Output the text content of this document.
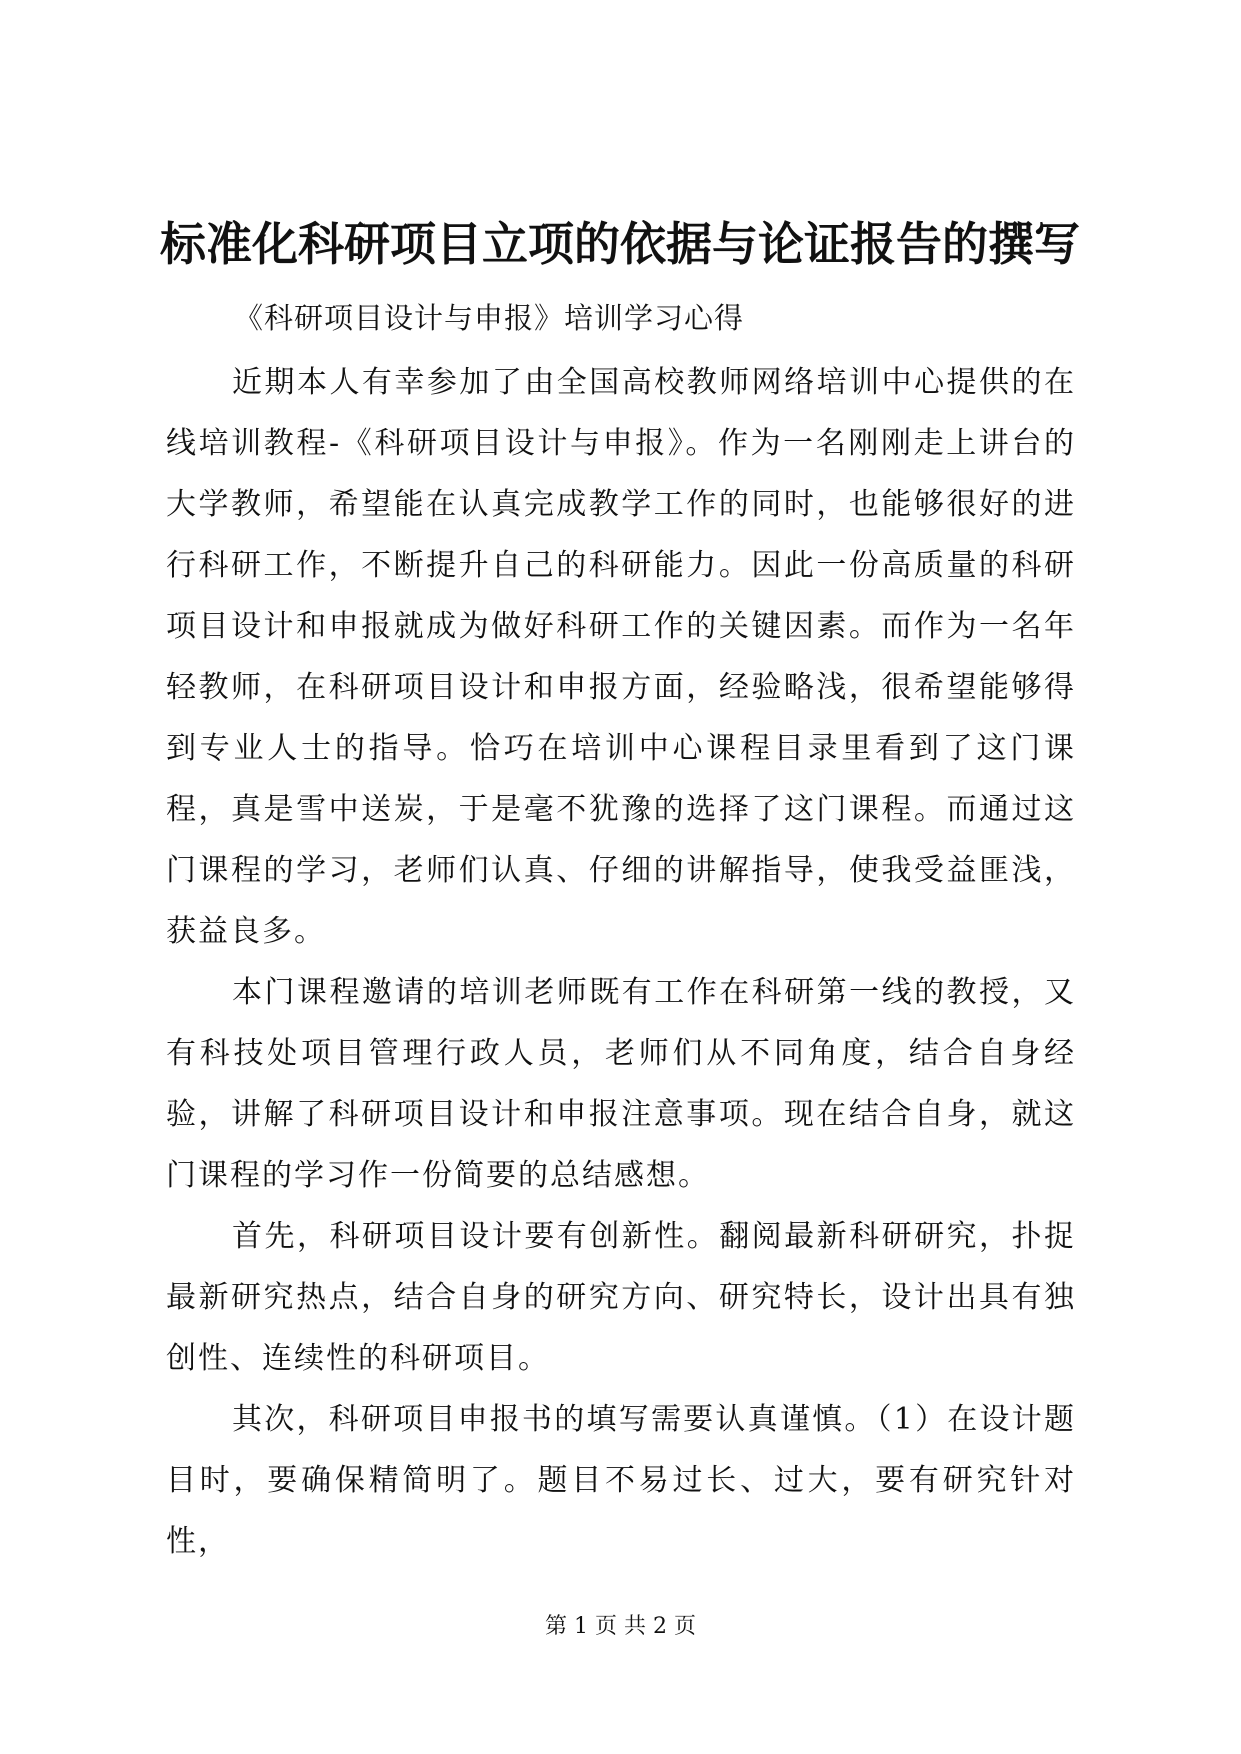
标准化科研项目立项的依据与论证报告的撰写

《科研项目设计与申报》培训学习心得

近期本人有幸参加了由全国高校教师网络培训中心提供的在线培训教程-《科研项目设计与申报》。作为一名刚刚走上讲台的大学教师，希望能在认真完成教学工作的同时，也能够很好的进行科研工作，不断提升自己的科研能力。因此一份高质量的科研项目设计和申报就成为做好科研工作的关键因素。而作为一名年轻教师，在科研项目设计和申报方面，经验略浅，很希望能够得到专业人士的指导。恰巧在培训中心课程目录里看到了这门课程，真是雪中送炭，于是毫不犹豫的选择了这门课程。而通过这门课程的学习，老师们认真、仔细的讲解指导，使我受益匪浅，获益良多。

本门课程邀请的培训老师既有工作在科研第一线的教授，又有科技处项目管理行政人员，老师们从不同角度，结合自身经验，讲解了科研项目设计和申报注意事项。现在结合自身，就这门课程的学习作一份简要的总结感想。

首先，科研项目设计要有创新性。翻阅最新科研研究，扑捉最新研究热点，结合自身的研究方向、研究特长，设计出具有独创性、连续性的科研项目。

其次，科研项目申报书的填写需要认真谨慎。（1）在设计题目时，要确保精简明了。题目不易过长、过大，要有研究针对性，

第 1 页 共 2 页
